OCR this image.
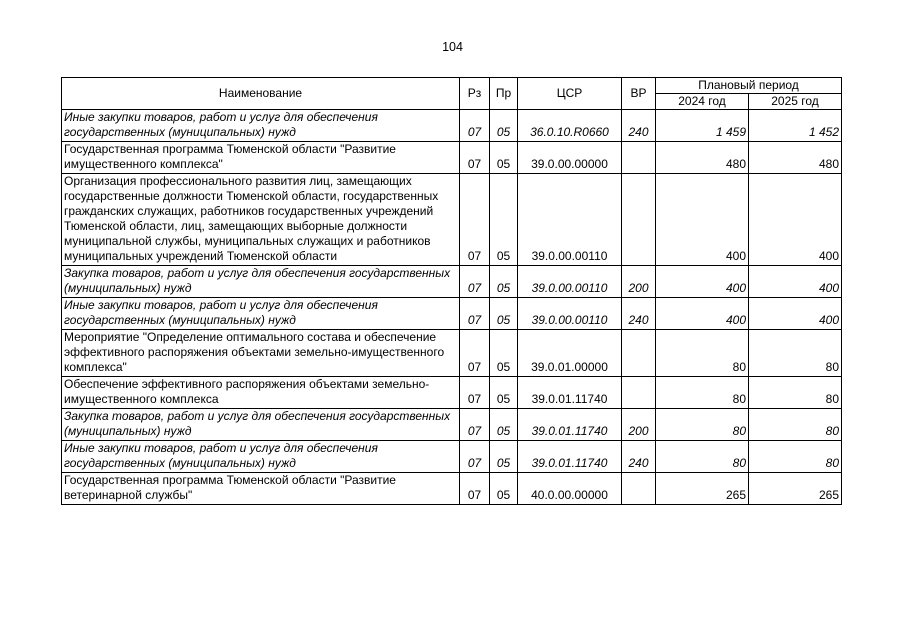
104
Наименование	Рз	Пр	ЦСР	ВР	Плановый период	
					2024 год	2025 год
Иные закупки товаров, работ и услуг для обеспечения государственных (муниципальных) нужд	07	05	36.0.10.R0660	240	1 459	1 452
Государственная программа Тюменской области "Развитие имущественного комплекса"	07	05	39.0.00.00000		480	480
Организация профессионального развития лиц, замещающих государственные должности Тюменской области, государственных гражданских служащих, работников государственных учреждений Тюменской области, лиц, замещающих выборные должности муниципальной службы, муниципальных служащих и работников муниципальных учреждений Тюменской области	07	05	39.0.00.00110		400	400
Закупка товаров, работ и услуг для обеспечения государственных (муниципальных) нужд	07	05	39.0.00.00110	200	400	400
Иные закупки товаров, работ и услуг для обеспечения государственных (муниципальных) нужд	07	05	39.0.00.00110	240	400	400
Мероприятие "Определение оптимального состава и обеспечение эффективного распоряжения объектами земельно-имущественного комплекса"	07	05	39.0.01.00000		80	80
Обеспечение эффективного распоряжения объектами земельно-имущественного комплекса	07	05	39.0.01.11740		80	80
Закупка товаров, работ и услуг для обеспечения государственных (муниципальных) нужд	07	05	39.0.01.11740	200	80	80
Иные закупки товаров, работ и услуг для обеспечения государственных (муниципальных) нужд	07	05	39.0.01.11740	240	80	80
Государственная программа Тюменской области "Развитие ветеринарной службы"	07	05	40.0.00.00000		265	265
